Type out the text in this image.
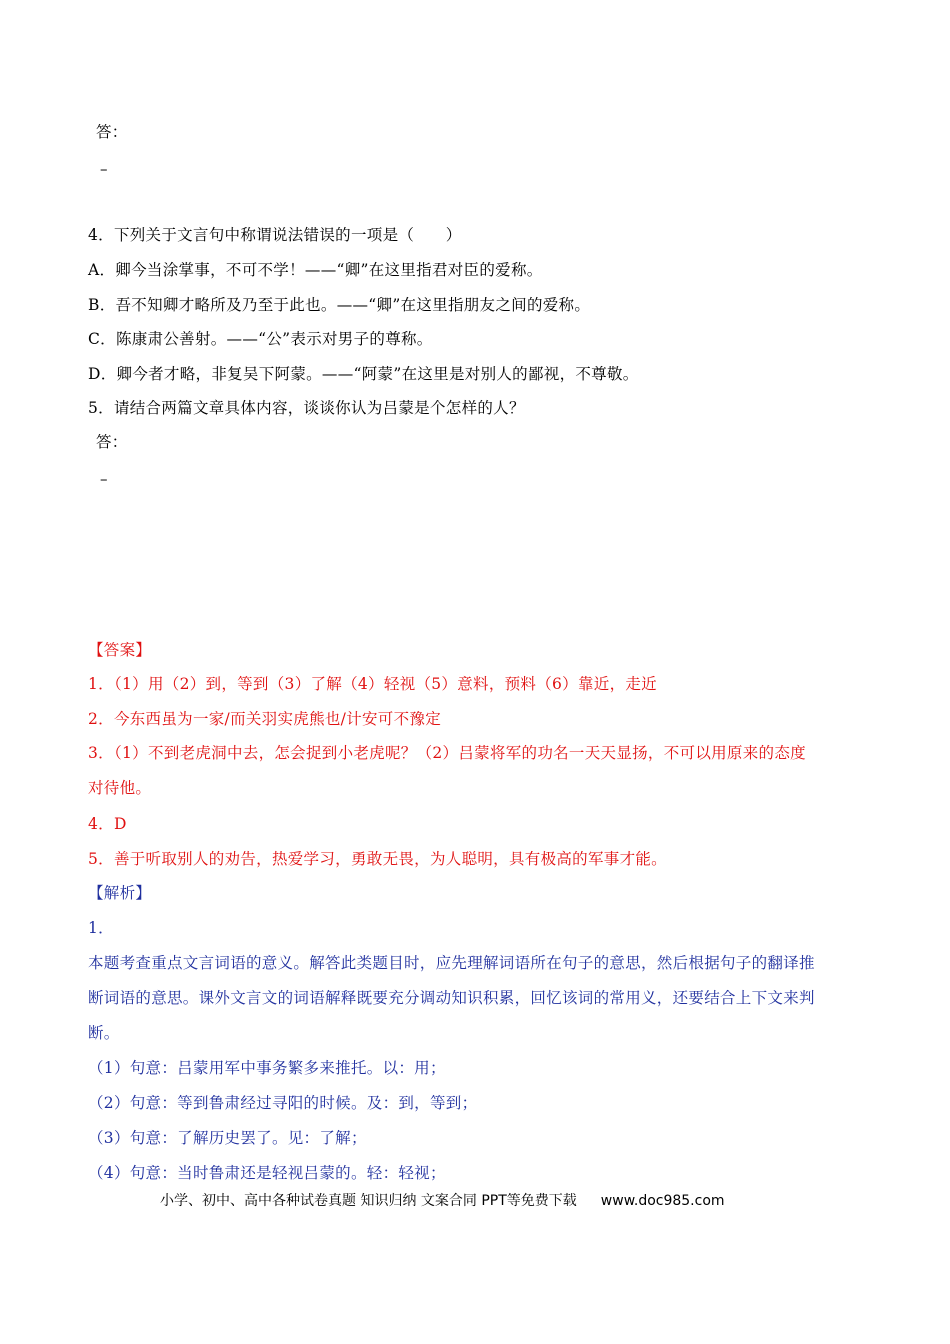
答：
–
4．下列关于文言句中称谓说法错误的一项是（　　）
A．卿今当涂掌事，不可不学！——“卿”在这里指君对臣的爱称。
B．吾不知卿才略所及乃至于此也。——“卿”在这里指朋友之间的爱称。
C．陈康肃公善射。——“公”表示对男子的尊称。
D．卿今者才略，非复吴下阿蒙。——“阿蒙”在这里是对别人的鄙视，不尊敬。
5．请结合两篇文章具体内容，谈谈你认为吕蒙是个怎样的人？
答：
–
【答案】
1．（1）用（2）到，等到（3）了解（4）轻视（5）意料，预料（6）靠近，走近
2．今东西虽为一家/而关羽实虎熊也/计安可不豫定
3．（1）不到老虎洞中去，怎会捉到小老虎呢？（2）吕蒙将军的功名一天天显扬，不可以用原来的态度
对待他。
4．D
5．善于听取别人的劝告，热爱学习，勇敢无畏，为人聪明，具有极高的军事才能。
【解析】
1．
本题考查重点文言词语的意义。解答此类题目时，应先理解词语所在句子的意思，然后根据句子的翻译推
断词语的意思。课外文言文的词语解释既要充分调动知识积累，回忆该词的常用义，还要结合上下文来判
断。
（1）句意：吕蒙用军中事务繁多来推托。以：用；
（2）句意：等到鲁肃经过寻阳的时候。及：到，等到；
（3）句意：了解历史罢了。见：了解；
（4）句意：当时鲁肃还是轻视吕蒙的。轻：轻视；
小学、初中、高中各种试卷真题 知识归纳 文案合同 PPT等免费下载 www.doc985.com
